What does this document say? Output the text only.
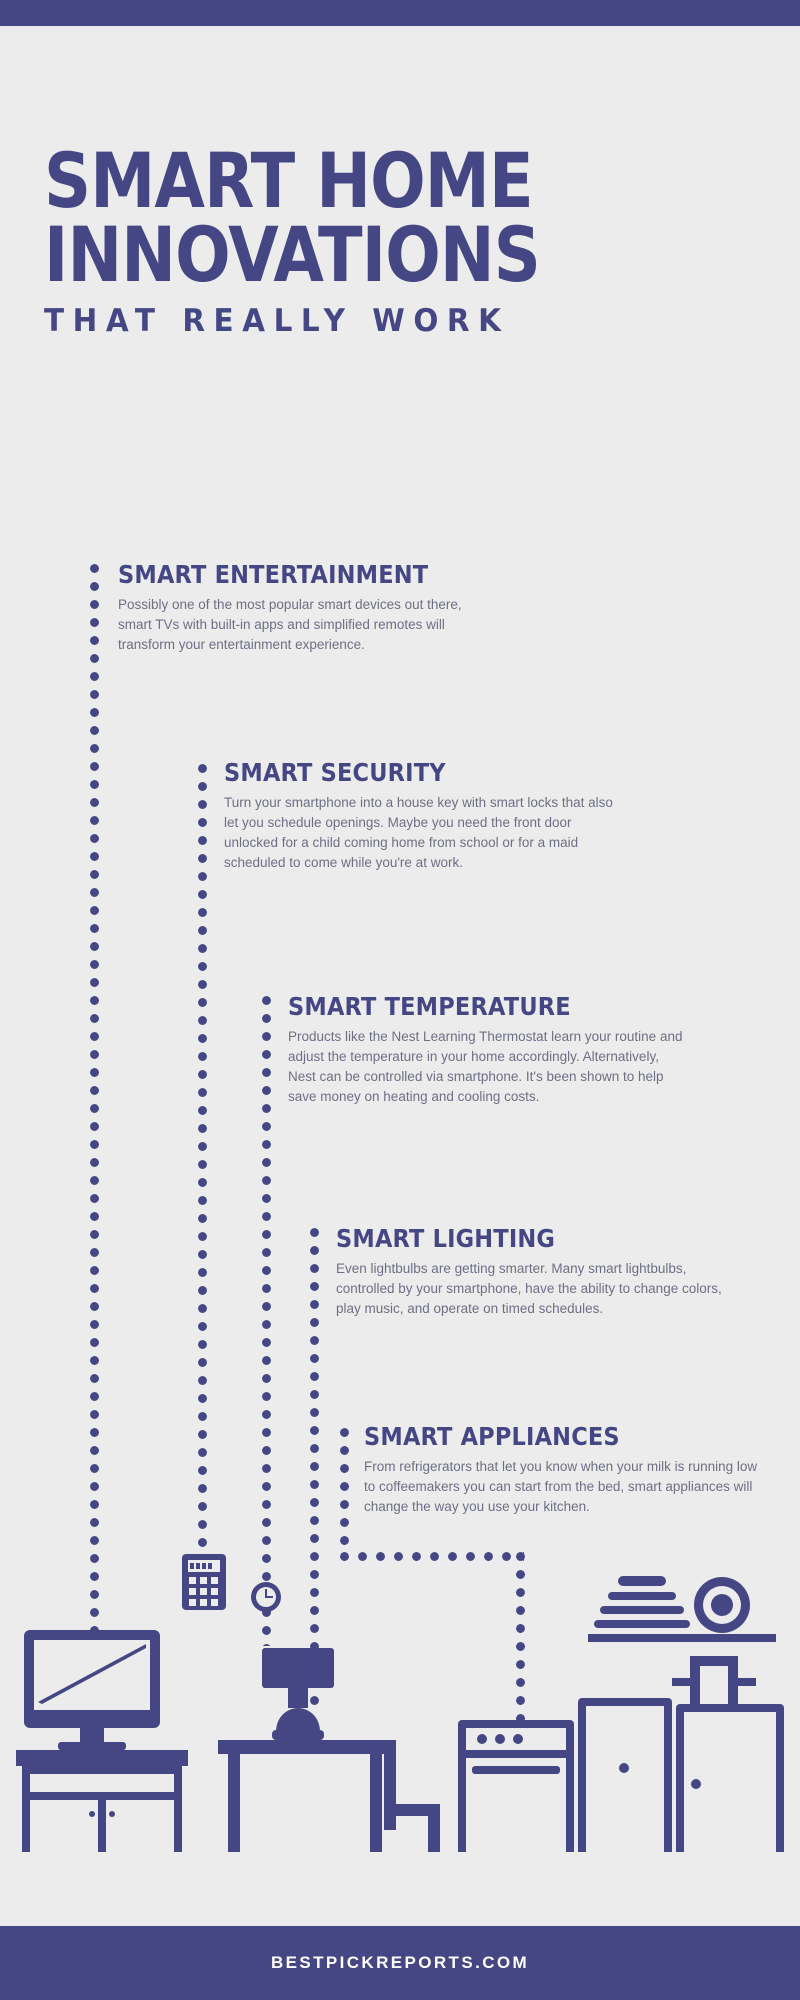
SMART HOME
INNOVATIONS
THAT REALLY WORK
SMART ENTERTAINMENT

Possibly one of the most popular smart devices out there, smart TVs with built-in apps and simplified remotes will transform your entertainment experience.

SMART SECURITY

Turn your smartphone into a house key with smart locks that also let you schedule openings. Maybe you need the front door unlocked for a child coming home from school or for a maid scheduled to come while you're at work.

SMART TEMPERATURE

Products like the Nest Learning Thermostat learn your routine and adjust the temperature in your home accordingly. Alternatively, Nest can be controlled via smartphone. It's been shown to help save money on heating and cooling costs.

SMART LIGHTING

Even lightbulbs are getting smarter. Many smart lightbulbs, controlled by your smartphone, have the ability to change colors, play music, and operate on timed schedules.

SMART APPLIANCES

From refrigerators that let you know when your milk is running low to coffeemakers you can start from the bed, smart appliances will change the way you use your kitchen.

BESTPICKREPORTS.COM
